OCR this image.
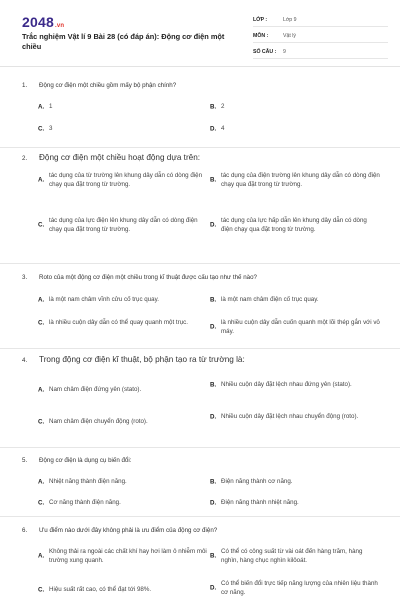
2048.vn
Trắc nghiệm Vật lí 9 Bài 28 (có đáp án): Động cơ điện một chiều
LỚP :	Lớp 9
MÔN :	Vật lý
SỐ CÂU :	9
1. Động cơ điện một chiều gồm mấy bộ phận chính?
A. 1	B. 2
C. 3	D. 4
2. Động cơ điện một chiều hoạt động dựa trên:
A.
tác dụng của từ trường lên khung dây dẫn có dòng điện chạy qua đặt trong từ trường.
B.
tác dụng của điện trường lên khung dây dẫn có dòng điện chạy qua đặt trong từ trường.
C.
tác dụng của lực điện lên khung dây dẫn có dòng điện chạy qua đặt trong từ trường.
D.
tác dụng của lực hấp dẫn lên khung dây dẫn có dòng điện chạy qua đặt trong từ trường.
3. Roto của một động cơ điện một chiều trong kĩ thuật được cấu tạo như thế nào?
A. là một nam châm vĩnh cửu cố trục quay.	B. là một nam châm điện cố trục quay.
C. là nhiều cuộn dây dẫn có thể quay quanh một trục.
D.
là nhiều cuộn dây dẫn cuốn quanh một lõi thép gắn với vỏ máy.
4. Trong động cơ điện kĩ thuật, bộ phận tạo ra từ trường là:
A. Nam châm điện đứng yên (stato).
B. Nhiều cuộn dây đặt lệch nhau đứng yên (stato).
C. Nam châm điện chuyển động (roto).
D. Nhiều cuộn dây đặt lệch nhau chuyển động (roto).
5. Động cơ điện là dụng cụ biến đổi:
A. Nhiệt năng thành điện năng.	B. Điện năng thành cơ năng.
C. Cơ năng thành điện năng.	D. Điện năng thành nhiệt năng.
6. Ưu điểm nào dưới đây không phải là ưu điểm của động cơ điện?
A.
Không thải ra ngoài các chất khí hay hơi làm ô nhiễm môi trường xung quanh.
B.
Có thể có công suất từ vài oát đến hàng trăm, hàng nghìn, hàng chục nghìn kilôoát.
C. Hiệu suất rất cao, có thể đạt tới 98%.	D.
Có thể biến đổi trực tiếp năng lượng của nhiên liệu thành cơ năng.
